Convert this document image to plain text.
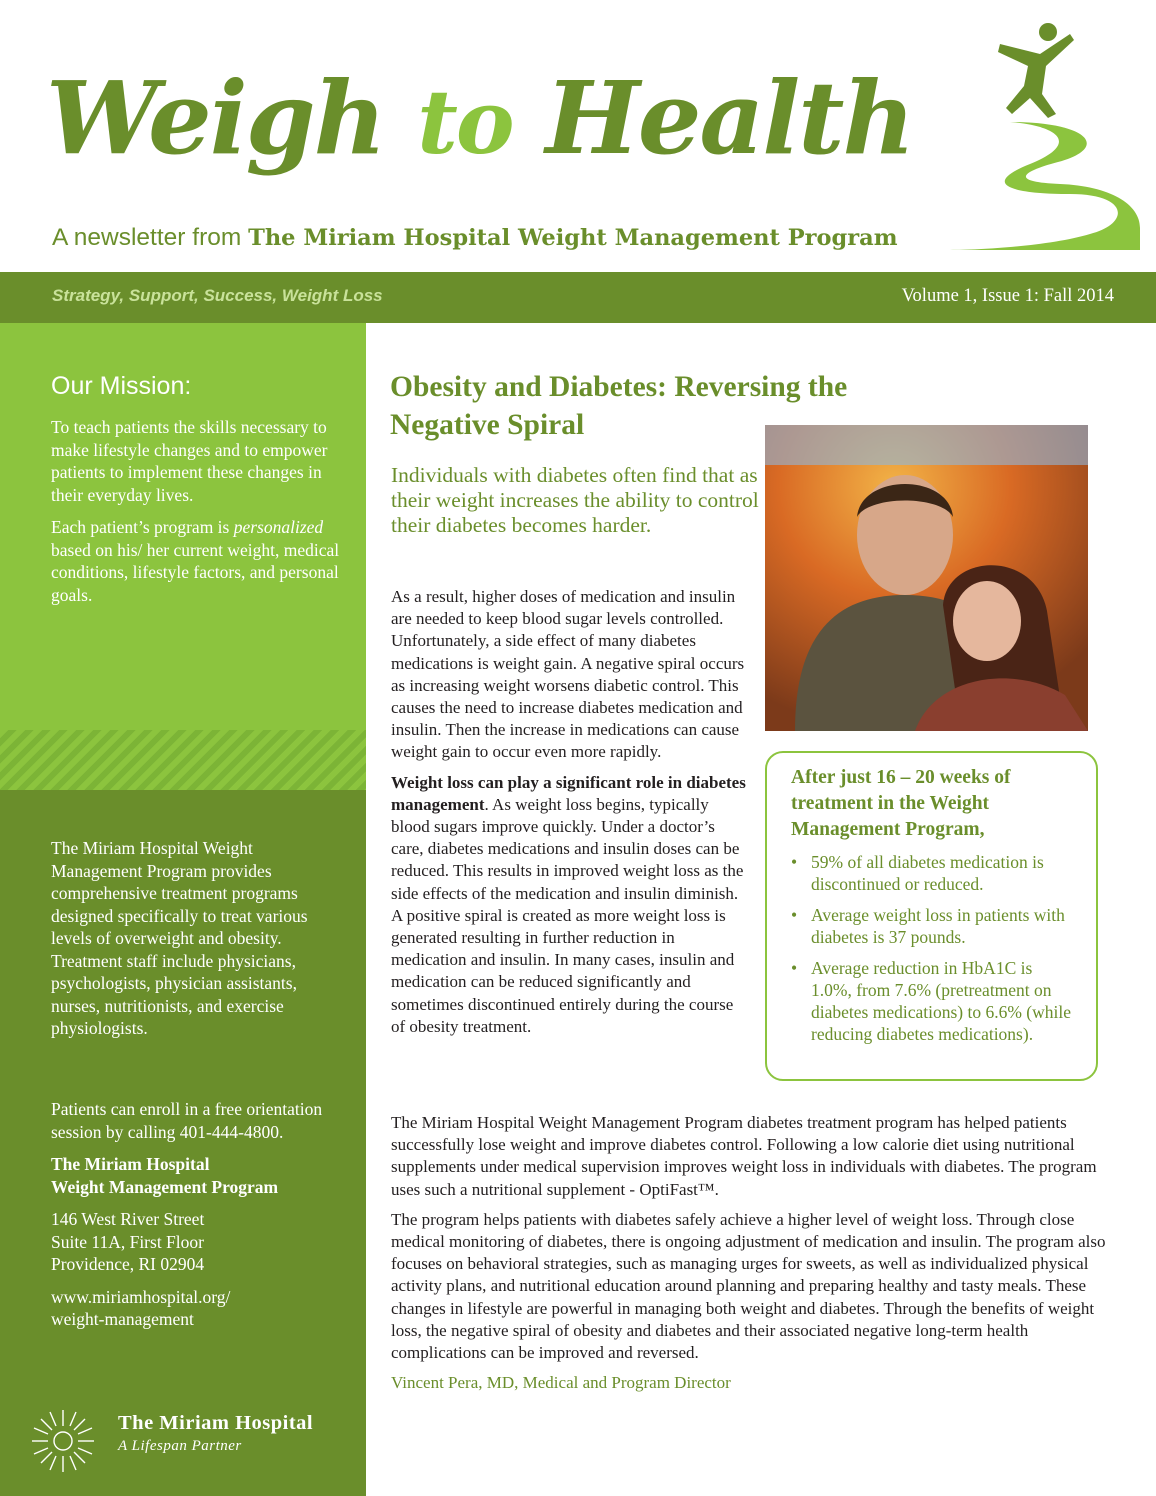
Weigh to Health
A newsletter from The Miriam Hospital Weight Management Program
Strategy, Support, Success, Weight Loss	Volume 1, Issue 1: Fall 2014
Our Mission:

To teach patients the skills necessary to make lifestyle changes and to empower patients to implement these changes in their everyday lives.

Each patient’s program is personalized based on his/ her current weight, medical conditions, lifestyle factors, and personal goals.

The Miriam Hospital Weight Management Program provides comprehensive treatment programs designed specifically to treat various levels of overweight and obesity. Treatment staff include physicians, psychologists, physician assistants, nurses, nutritionists, and exercise physiologists.

Patients can enroll in a free orientation session by calling 401-444-4800.

The Miriam Hospital
Weight Management Program

146 West River Street
Suite 11A, First Floor
Providence, RI 02904

www.miriamhospital.org/
weight-management

The Miriam Hospital
A Lifespan Partner
Obesity and Diabetes: Reversing the Negative Spiral
Individuals with diabetes often find that as their weight increases the ability to control their diabetes becomes harder.

As a result, higher doses of medication and insulin are needed to keep blood sugar levels controlled. Unfortunately, a side effect of many diabetes medications is weight gain. A negative spiral occurs as increasing weight worsens diabetic control. This causes the need to increase diabetes medication and insulin. Then the increase in medications can cause weight gain to occur even more rapidly.

Weight loss can play a significant role in diabetes management. As weight loss begins, typically blood sugars improve quickly. Under a doctor’s care, diabetes medications and insulin doses can be reduced. This results in improved weight loss as the side effects of the medication and insulin diminish. A positive spiral is created as more weight loss is generated resulting in further reduction in medication and insulin. In many cases, insulin and medication can be reduced significantly and sometimes discontinued entirely during the course of obesity treatment.

After just 16 – 20 weeks of treatment in the Weight Management Program,
• 59% of all diabetes medication is discontinued or reduced.
• Average weight loss in patients with diabetes is 37 pounds.
• Average reduction in HbA1C is 1.0%, from 7.6% (pretreatment on diabetes medications) to 6.6% (while reducing diabetes medications).

The Miriam Hospital Weight Management Program diabetes treatment program has helped patients successfully lose weight and improve diabetes control. Following a low calorie diet using nutritional supplements under medical supervision improves weight loss in individuals with diabetes. The program uses such a nutritional supplement - OptiFast™.

The program helps patients with diabetes safely achieve a higher level of weight loss. Through close medical monitoring of diabetes, there is ongoing adjustment of medication and insulin. The program also focuses on behavioral strategies, such as managing urges for sweets, as well as individualized physical activity plans, and nutritional education around planning and preparing healthy and tasty meals. These changes in lifestyle are powerful in managing both weight and diabetes. Through the benefits of weight loss, the negative spiral of obesity and diabetes and their associated negative long-term health complications can be improved and reversed.

Vincent Pera, MD, Medical and Program Director
